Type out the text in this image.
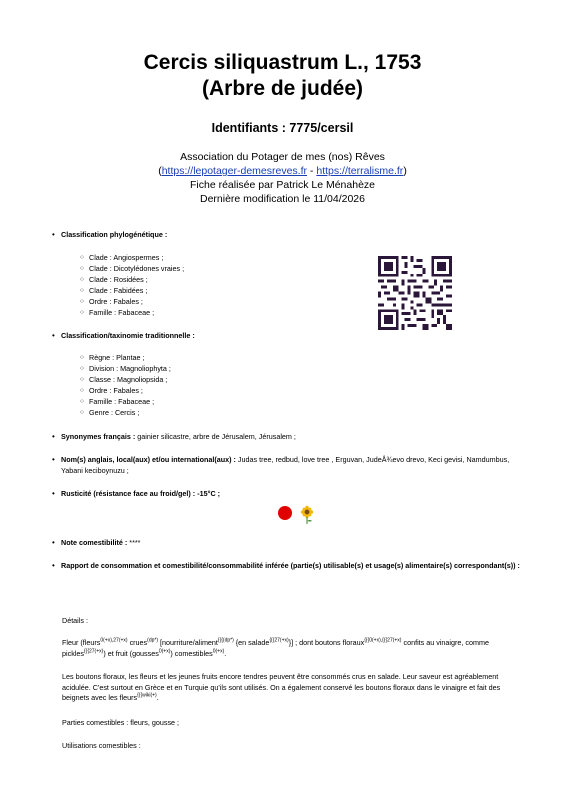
Cercis siliquastrum L., 1753
(Arbre de judée)
Identifiants : 7775/cersil
Association du Potager de mes (nos) Rêves
(https://lepotager-demesreves.fr - https://terralisme.fr)
Fiche réalisée par Patrick Le Ménahèze
Dernière modification le 11/04/2026
• Classification phylogénétique :
○ Clade : Angiospermes ;
○ Clade : Dicotylédones vraies ;
○ Clade : Rosidées ;
○ Clade : Fabidées ;
○ Ordre : Fabales ;
○ Famille : Fabaceae ;
• Classification/taxinomie traditionnelle :
○ Règne : Plantae ;
○ Division : Magnoliophyta ;
○ Classe : Magnoliopsida ;
○ Ordre : Fabales ;
○ Famille : Fabaceae ;
○ Genre : Cercis ;
• Synonymes français : gainier silicastre, arbre de Jérusalem, Jérusalem ;
• Nom(s) anglais, local(aux) et/ou international(aux) : Judas tree, redbud, love tree , Erguvan, JudeÅ¾evo drevo, Keci gevisi, Namdumbus, Yabani keciboynuzu ;
• Rusticité (résistance face au froid/gel) : -15°C ;
• Note comestibilité : ****
• Rapport de consommation et comestibilité/consommabilité inférée (partie(s) utilisable(s) et usage(s) alimentaire(s) correspondant(s)) :
Détails :
Fleur (fleurs$^{0(+x),27(+x)}$ crues$^{(dp*)}$ [nourriture/aliment$^{\{\{\{(dp*)}$ {en salade$^{\{\{\{27(+x)}$}] ; dont boutons floraux$^{\{\{\{0(+x),\{\{\{27(+x)}$ confits au vinaigre, comme pickles$^{\{\{\{27(+x)}$) et fruit (gousses$^{0(+x)}$) comestibles$^{0(+x)}$.
Les boutons floraux, les fleurs et les jeunes fruits encore tendres peuvent être consommés crus en salade. Leur saveur est agréablement acidulée. C'est surtout en Grèce et en Turquie qu'ils sont utilisés. On a également conservé les boutons floraux dans le vinaigre et fait des beignets avec les fleurs$^{\{\{\{wiki(+)}$.
Parties comestibles : fleurs, gousse ;
Utilisations comestibles :
